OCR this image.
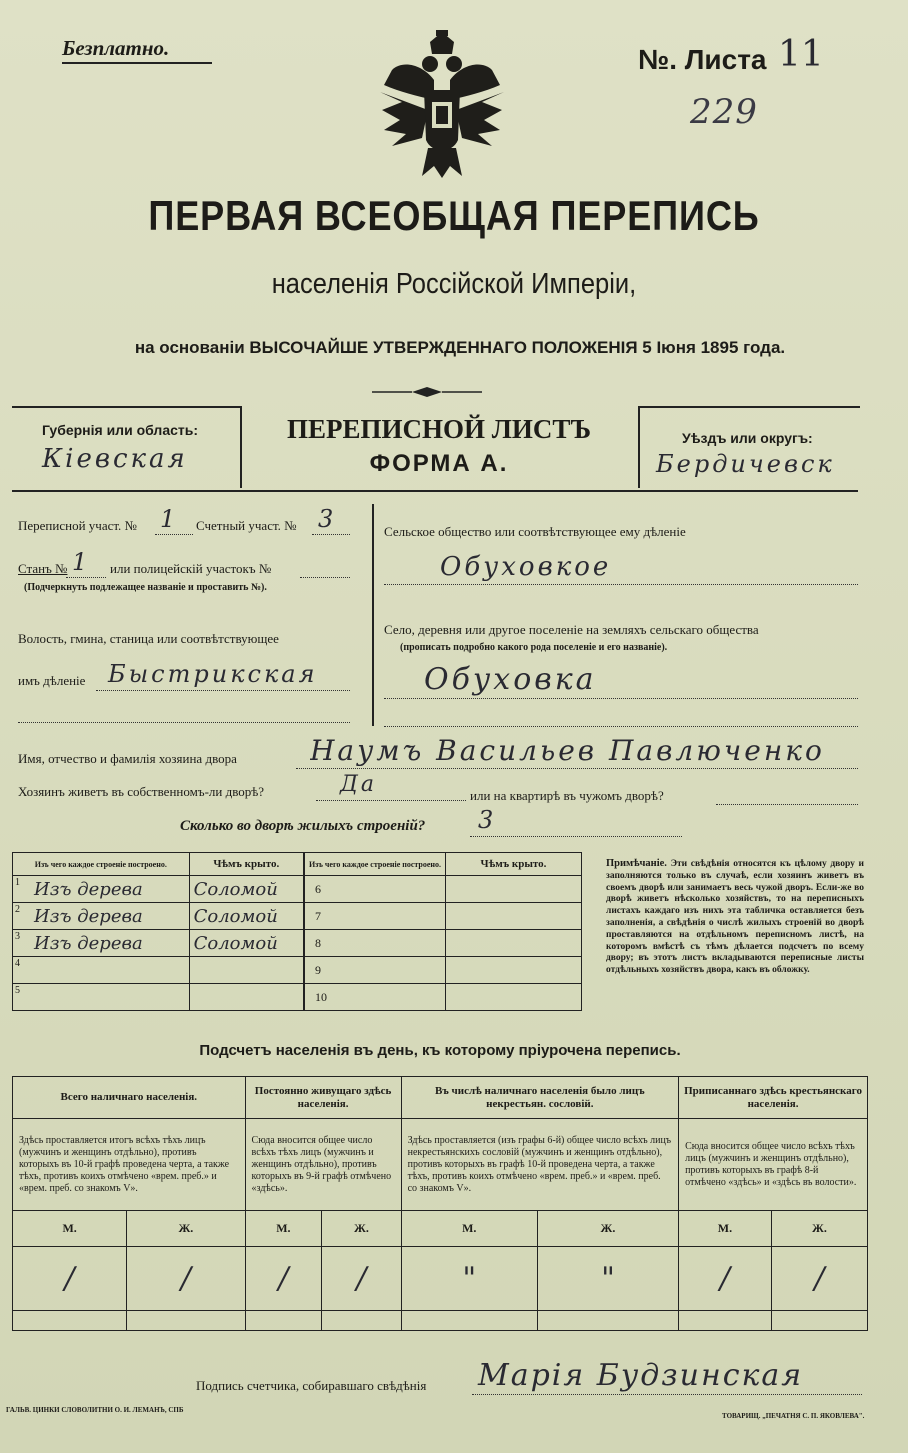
Безплатно.	№. Листа 11
229
ПЕРВАЯ ВСЕОБЩАЯ ПЕРЕПИСЬ
населенія Россійской Имперіи,
на основаніи ВЫСОЧАЙШЕ УТВЕРЖДЕННАГО ПОЛОЖЕНІЯ 5 Іюня 1895 года.
Губернія или область:
Кіевская
ПЕРЕПИСНОЙ ЛИСТЪ
ФОРМА А.
Уѣздъ или округъ:
Бердичевск
Переписной участ. № 1 Счетный участ. № 3
Станъ № 1 или полицейскій участокъ №
(Подчеркнуть подлежащее названіе и проставить №).
Волость, гмина, станица или соотвѣтствующее
имъ дѣленіе Быстрикская
Сельское общество или соотвѣтствующее ему дѣленіе
Обуховкое
Село, деревня или другое поселеніе на земляхъ сельскаго общества
(прописать подробно какого рода поселеніе и его названіе).
Обуховка
Имя, отчество и фамилія хозяина двора	Наумъ Васильев Павлюченко
Хозяинъ живетъ въ собственномъ-ли дворѣ?	Да	или на квартирѣ въ чужомъ дворѣ?
Сколько во дворѣ жилыхъ строеній? 3
Изъ чего каждое строеніе построено.		Чѣмъ крыто.
1	Изъ дерева	Соломой
2	Изъ дерева	Соломой
3	Изъ дерева	Соломой
4		
5		
Изъ чего каждое строеніе построено.	Чѣмъ крыто.
6	
7	
8	
9	
10	
Примѣчаніе. Эти свѣдѣнія относятся къ цѣлому двору и заполняются только въ случаѣ, если хозяинъ живетъ въ своемъ дворѣ или занимаетъ весь чужой дворъ. Если-же во дворѣ живетъ нѣсколько хозяйствъ, то на переписныхъ листахъ каждаго изъ нихъ эта табличка оставляется безъ заполненія, а свѣдѣнія о числѣ жилыхъ строеній во дворѣ проставляются на отдѣльномъ переписномъ листѣ, на которомъ вмѣстѣ съ тѣмъ дѣлается подсчетъ по всему двору; въ этотъ листъ вкладываются переписные листы отдѣльныхъ хозяйствъ двора, какъ въ обложку.
Подсчетъ населенія въ день, къ которому пріурочена перепись.
Всего наличнаго населенія.		Постоянно живущаго здѣсь населенія.		Въ числѣ наличнаго населенія было лицъ некрестьян. сословій.		Приписаннаго здѣсь крестьянскаго населенія.	
Здѣсь проставляется итогъ всѣхъ тѣхъ лицъ (мужчинъ и женщинъ отдѣльно), противъ которыхъ въ 10-й графѣ проведена черта, а также тѣхъ, противъ коихъ отмѣчено «врем. преб.» и «врем. преб. со знакомъ V».		Сюда вносится общее число всѣхъ тѣхъ лицъ (мужчинъ и женщинъ отдѣльно), противъ которыхъ въ 9-й графѣ отмѣчено «здѣсь».		Здѣсь проставляется (изъ графы 6-й) общее число всѣхъ лицъ некрестьянскихъ сословій (мужчинъ и женщинъ отдѣльно), противъ которыхъ въ графѣ 10-й проведена черта, а также тѣхъ, противъ коихъ отмѣчено «врем. преб.» и «врем. преб. со знакомъ V».		Сюда вносится общее число всѣхъ тѣхъ лицъ (мужчинъ и женщинъ отдѣльно), противъ которыхъ въ графѣ 8-й отмѣчено «здѣсь» и «здѣсь въ волости».	
М.	Ж.	М.	Ж.	М.	Ж.	М.	Ж.
/	/	/	/	"	"	/	/

Подпись счетчика, собиравшаго свѣдѣнія Марія Будзинская
ГАЛЬВ. ЦИНКИ СЛОВОЛИТНИ О. И. ЛЕМАНЪ, СПБ
ТОВАРИЩ. „ПЕЧАТНЯ С. П. ЯКОВЛЕВА".
